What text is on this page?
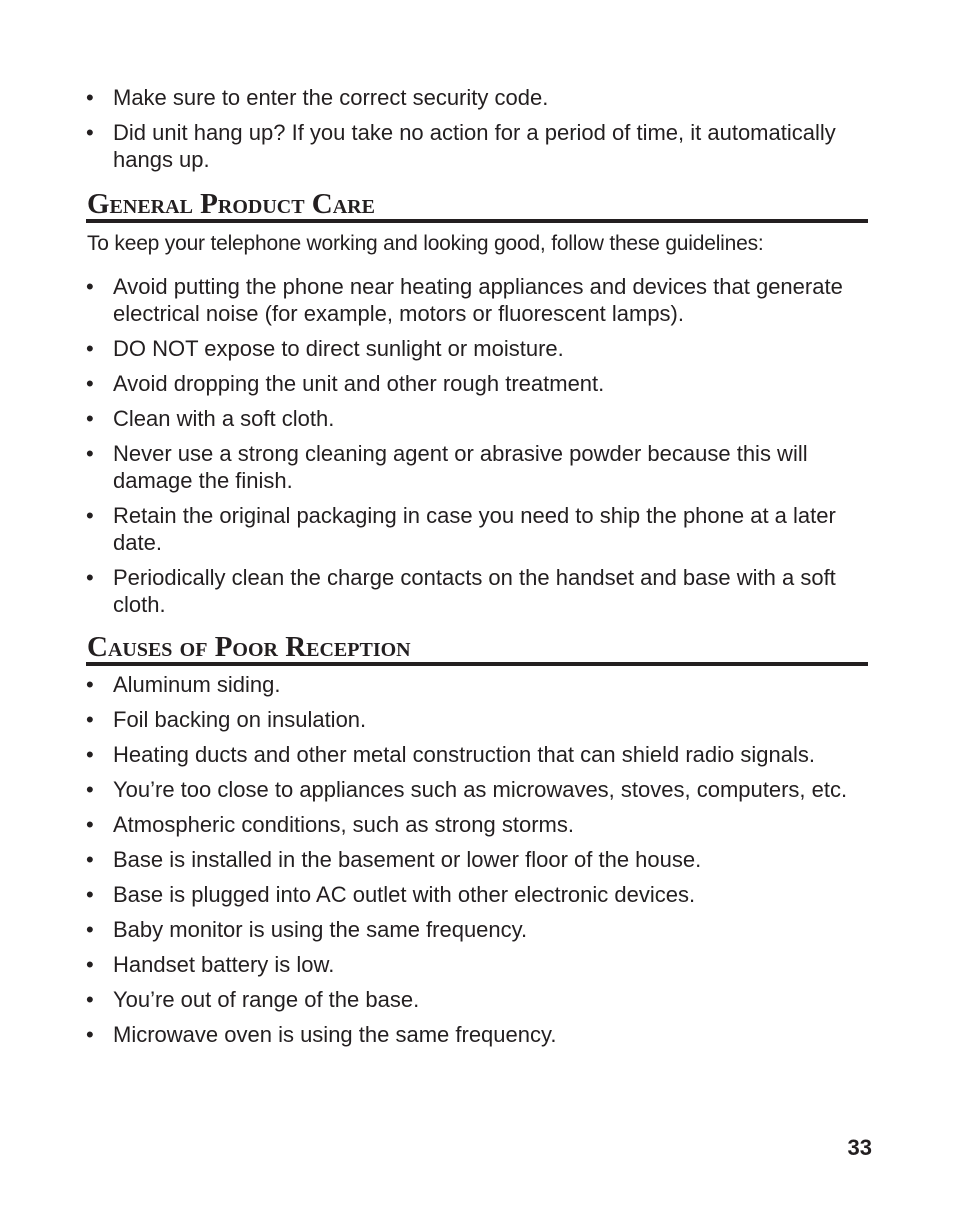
• Make sure to enter the correct security code.
• Did unit hang up? If you take no action for a period of time, it automatically hangs up.
General Product Care

To keep your telephone working and looking good, follow these guidelines:

• Avoid putting the phone near heating appliances and devices that generate electrical noise (for example, motors or fluorescent lamps).
• DO NOT expose to direct sunlight or moisture.
• Avoid dropping the unit and other rough treatment.
• Clean with a soft cloth.
• Never use a strong cleaning agent or abrasive powder because this will damage the finish.
• Retain the original packaging in case you need to ship the phone at a later date.
• Periodically clean the charge contacts on the handset and base with a soft cloth.
Causes of Poor Reception
• Aluminum siding.
• Foil backing on insulation.
• Heating ducts and other metal construction that can shield radio signals.
• You’re too close to appliances such as microwaves, stoves, computers, etc.
• Atmospheric conditions, such as strong storms.
• Base is installed in the basement or lower floor of the house.
• Base is plugged into AC outlet with other electronic devices.
• Baby monitor is using the same frequency.
• Handset battery is low.
• You’re out of range of the base.
• Microwave oven is using the same frequency.
33
